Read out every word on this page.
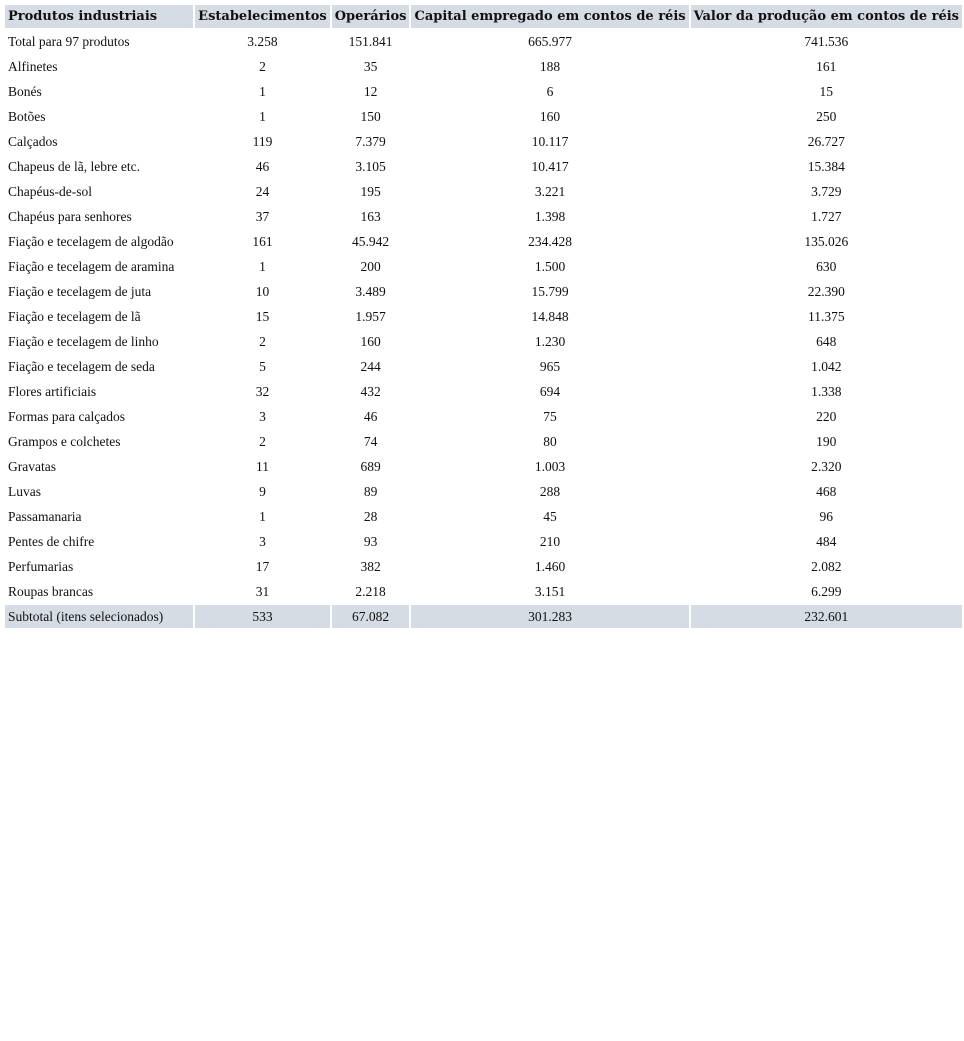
Produtos industriais	Estabelecimentos	Operários	Capital empregado em contos de réis	Valor da produção em contos de réis
Total para 97 produtos	3.258	151.841	665.977	741.536
Alfinetes	2	35	188	161
Bonés	1	12	6	15
Botões	1	150	160	250
Calçados	119	7.379	10.117	26.727
Chapeus de lã, lebre etc.	46	3.105	10.417	15.384
Chapéus-de-sol	24	195	3.221	3.729
Chapéus para senhores	37	163	1.398	1.727
Fiação e tecelagem de algodão	161	45.942	234.428	135.026
Fiação e tecelagem de aramina	1	200	1.500	630
Fiação e tecelagem de juta	10	3.489	15.799	22.390
Fiação e tecelagem de lã	15	1.957	14.848	11.375
Fiação e tecelagem de linho	2	160	1.230	648
Fiação e tecelagem de seda	5	244	965	1.042
Flores artificiais	32	432	694	1.338
Formas para calçados	3	46	75	220
Grampos e colchetes	2	74	80	190
Gravatas	11	689	1.003	2.320
Luvas	9	89	288	468
Passamanaria	1	28	45	96
Pentes de chifre	3	93	210	484
Perfumarias	17	382	1.460	2.082
Roupas brancas	31	2.218	3.151	6.299
Subtotal (itens selecionados)	533	67.082	301.283	232.601
